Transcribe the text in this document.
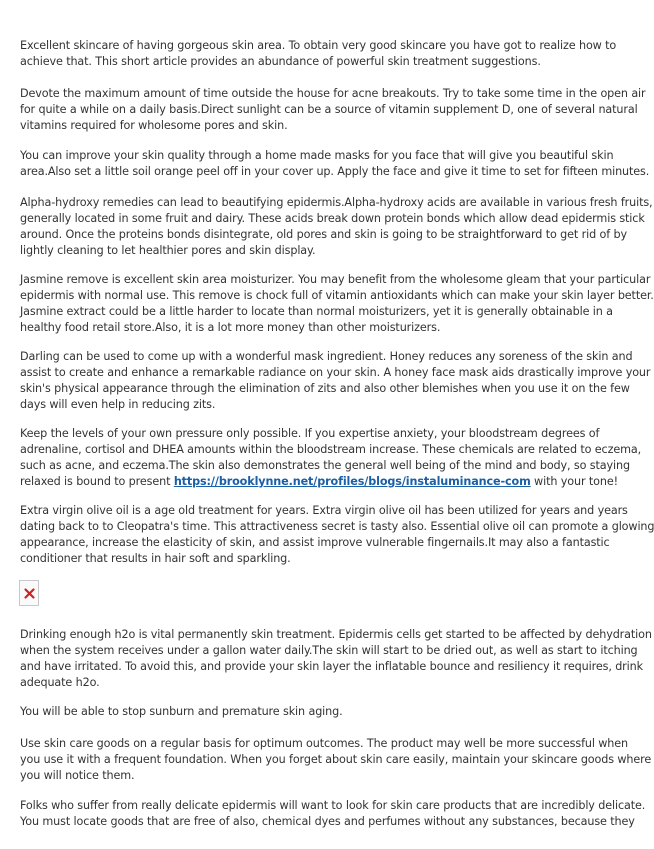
Excellent skincare of having gorgeous skin area. To obtain very good skincare you have got to realize how to
achieve that. This short article provides an abundance of powerful skin treatment suggestions.
Devote the maximum amount of time outside the house for acne breakouts. Try to take some time in the open air
for quite a while on a daily basis.Direct sunlight can be a source of vitamin supplement D, one of several natural
vitamins required for wholesome pores and skin.
You can improve your skin quality through a home made masks for you face that will give you beautiful skin
area.Also set a little soil orange peel off in your cover up. Apply the face and give it time to set for fifteen minutes.
Alpha-hydroxy remedies can lead to beautifying epidermis.Alpha-hydroxy acids are available in various fresh fruits,
generally located in some fruit and dairy. These acids break down protein bonds which allow dead epidermis stick
around. Once the proteins bonds disintegrate, old pores and skin is going to be straightforward to get rid of by
lightly cleaning to let healthier pores and skin display.
Jasmine remove is excellent skin area moisturizer. You may benefit from the wholesome gleam that your particular
epidermis with normal use. This remove is chock full of vitamin antioxidants which can make your skin layer better.
Jasmine extract could be a little harder to locate than normal moisturizers, yet it is generally obtainable in a
healthy food retail store.Also, it is a lot more money than other moisturizers.
Darling can be used to come up with a wonderful mask ingredient. Honey reduces any soreness of the skin and
assist to create and enhance a remarkable radiance on your skin. A honey face mask aids drastically improve your
skin's physical appearance through the elimination of zits and also other blemishes when you use it on the few
days will even help in reducing zits.
Keep the levels of your own pressure only possible. If you expertise anxiety, your bloodstream degrees of
adrenaline, cortisol and DHEA amounts within the bloodstream increase. These chemicals are related to eczema,
such as acne, and eczema.The skin also demonstrates the general well being of the mind and body, so staying
relaxed is bound to present https://brooklynne.net/profiles/blogs/instaluminance-com with your tone!
Extra virgin olive oil is a age old treatment for years. Extra virgin olive oil has been utilized for years and years
dating back to to Cleopatra's time. This attractiveness secret is tasty also. Essential olive oil can promote a glowing
appearance, increase the elasticity of skin, and assist improve vulnerable fingernails.It may also a fantastic
conditioner that results in hair soft and sparkling.
Drinking enough h2o is vital permanently skin treatment. Epidermis cells get started to be affected by dehydration
when the system receives under a gallon water daily.The skin will start to be dried out, as well as start to itching
and have irritated. To avoid this, and provide your skin layer the inflatable bounce and resiliency it requires, drink
adequate h2o.
You will be able to stop sunburn and premature skin aging.
Use skin care goods on a regular basis for optimum outcomes. The product may well be more successful when
you use it with a frequent foundation. When you forget about skin care easily, maintain your skincare goods where
you will notice them.
Folks who suffer from really delicate epidermis will want to look for skin care products that are incredibly delicate.
You must locate goods that are free of also, chemical dyes and perfumes without any substances, because they
